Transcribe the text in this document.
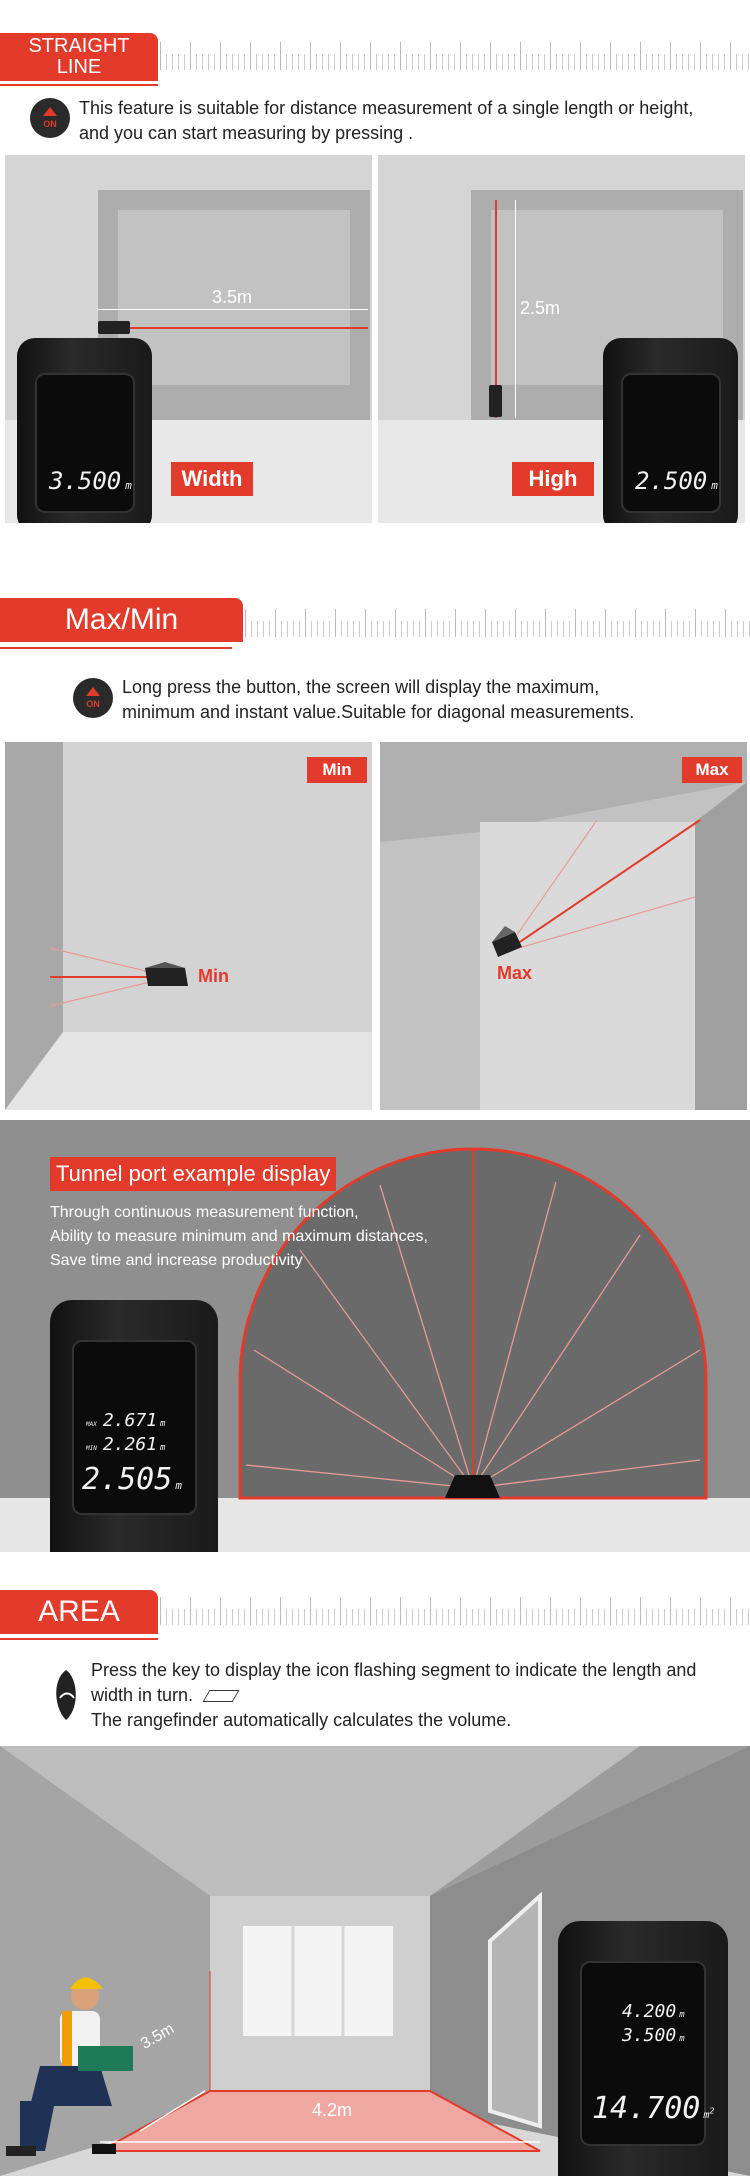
STRAIGHT
LINE
ON
This feature is suitable for distance measurement of a single length or height,
and you can start measuring by pressing .
3.5m
3.500 m	Width
2.5m
2.500 m
High
Max/Min
ON
Long press the button, the screen will display the maximum,
minimum and instant value.Suitable for diagonal measurements.
Min
Min
Max
Max
Tunnel port example display
Through continuous measurement function,
Ability to measure minimum and maximum distances,
Save time and increase productivity
MAX 2.671 m
MIN 2.261 m
2.505 m
AREA
Press the key to display the icon flashing segment to indicate the length and
width in turn.
The rangefinder automatically calculates the volume.
3.5m
4.2m
4.200 m
3.500 m
14.700 $m^2$
